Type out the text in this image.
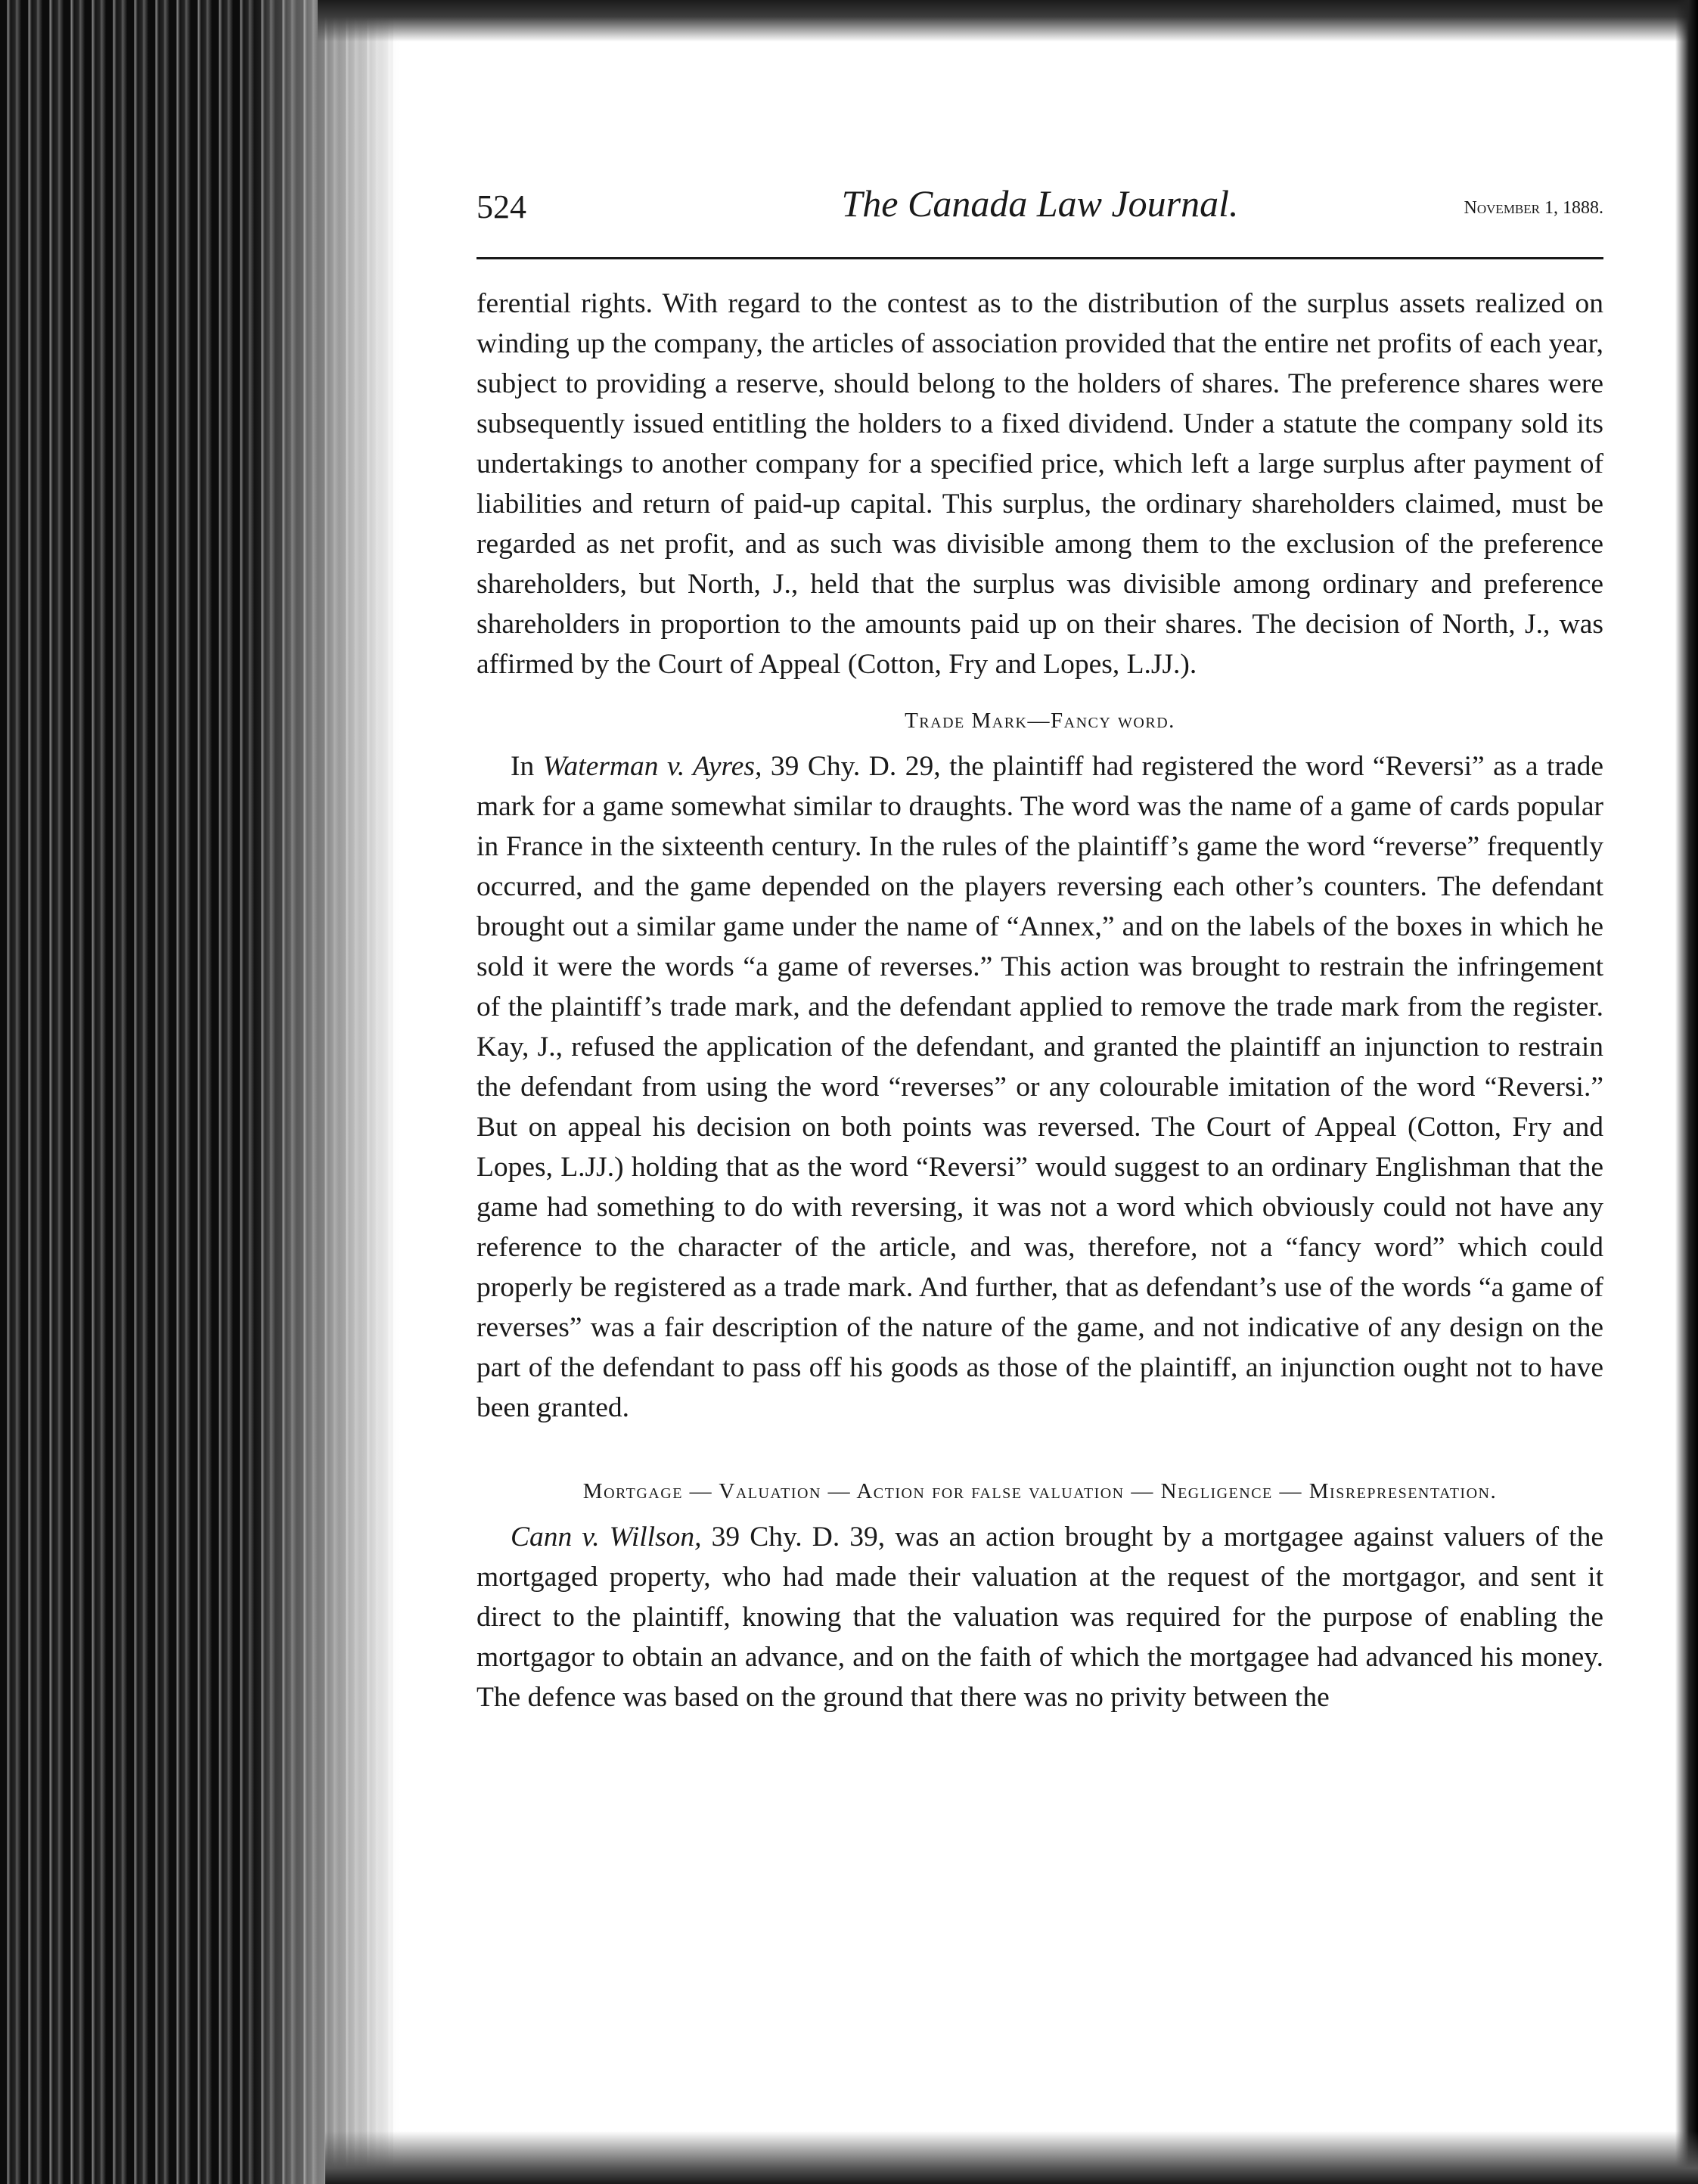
524	The Canada Law Journal.	November 1, 1888.

ferential rights. With regard to the contest as to the distribution of the surplus assets realized on winding up the company, the articles of association provided that the entire net profits of each year, subject to providing a reserve, should belong to the holders of shares. The preference shares were subsequently issued entitling the holders to a fixed dividend. Under a statute the company sold its undertakings to another company for a specified price, which left a large surplus after payment of liabilities and return of paid-up capital. This surplus, the ordinary shareholders claimed, must be regarded as net profit, and as such was divisible among them to the exclusion of the preference shareholders, but North, J., held that the surplus was divisible among ordinary and preference shareholders in proportion to the amounts paid up on their shares. The decision of North, J., was affirmed by the Court of Appeal (Cotton, Fry and Lopes, L.JJ.).

Trade Mark—Fancy word.

In Waterman v. Ayres, 39 Chy. D. 29, the plaintiff had registered the word “Reversi” as a trade mark for a game somewhat similar to draughts. The word was the name of a game of cards popular in France in the sixteenth century. In the rules of the plaintiff’s game the word “reverse” frequently occurred, and the game depended on the players reversing each other’s counters. The defendant brought out a similar game under the name of “Annex,” and on the labels of the boxes in which he sold it were the words “a game of reverses.” This action was brought to restrain the infringement of the plaintiff’s trade mark, and the defendant applied to remove the trade mark from the register. Kay, J., refused the application of the defendant, and granted the plaintiff an injunction to restrain the defendant from using the word “reverses” or any colourable imitation of the word “Reversi.” But on appeal his decision on both points was reversed. The Court of Appeal (Cotton, Fry and Lopes, L.JJ.) holding that as the word “Reversi” would suggest to an ordinary Englishman that the game had something to do with reversing, it was not a word which obviously could not have any reference to the character of the article, and was, therefore, not a “fancy word” which could properly be registered as a trade mark. And further, that as defendant’s use of the words “a game of reverses” was a fair description of the nature of the game, and not indicative of any design on the part of the defendant to pass off his goods as those of the plaintiff, an injunction ought not to have been granted.

Mortgage — Valuation — Action for false valuation — Negligence — Misrepresentation.

Cann v. Willson, 39 Chy. D. 39, was an action brought by a mortgagee against valuers of the mortgaged property, who had made their valuation at the request of the mortgagor, and sent it direct to the plaintiff, knowing that the valuation was required for the purpose of enabling the mortgagor to obtain an advance, and on the faith of which the mortgagee had advanced his money. The defence was based on the ground that there was no privity between the
